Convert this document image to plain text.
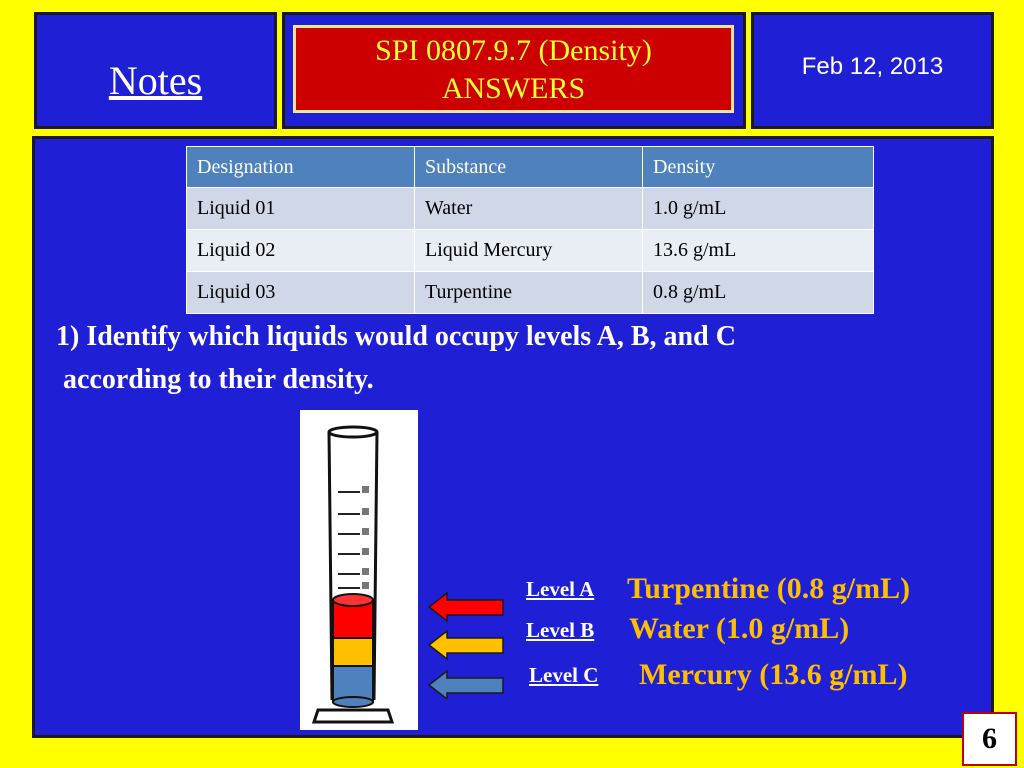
Notes
SPI 0807.9.7 (Density)
ANSWERS
Feb 12, 2013
Designation	Substance	Density
Liquid 01	Water	1.0 g/mL
Liquid 02	Liquid Mercury	13.6 g/mL
Liquid 03	Turpentine	0.8 g/mL
1) Identify which liquids would occupy levels A, B, and C
according to their density.
Level A Turpentine (0.8 g/mL)
Level B Water (1.0 g/mL)
Level C Mercury (13.6 g/mL)
6
